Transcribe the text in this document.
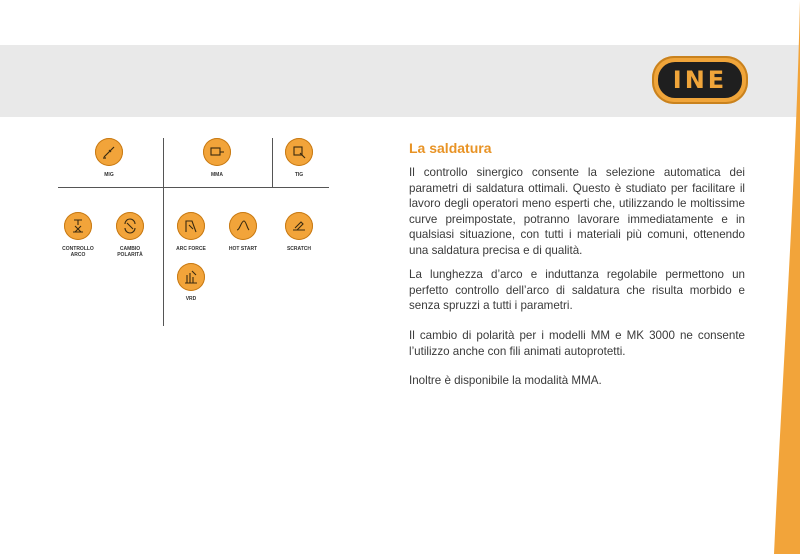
INE
MIG	MMA	TIG
CONTROLLO
ARCO
CAMBIO
POLARITÀ
ARC FORCE	HOT START	SCRATCH
VRD
La saldatura

Il controllo sinergico consente la selezione automatica dei parametri di saldatura ottimali. Questo è studiato per facilitare il lavoro degli operatori meno esperti che, utilizzando le moltissime curve preimpostate, potranno lavorare immediatamente e in qualsiasi situazione, con tutti i materiali più comuni, ottenendo una saldatura precisa e di qualità.

La lunghezza d’arco e induttanza regolabile permettono un perfetto controllo dell’arco di saldatura che risulta morbido e senza spruzzi a tutti i parametri.

Il cambio di polarità per i modelli MM e MK 3000 ne consente l’utilizzo anche con fili animati autoprotetti.

Inoltre è disponibile la modalità MMA.
